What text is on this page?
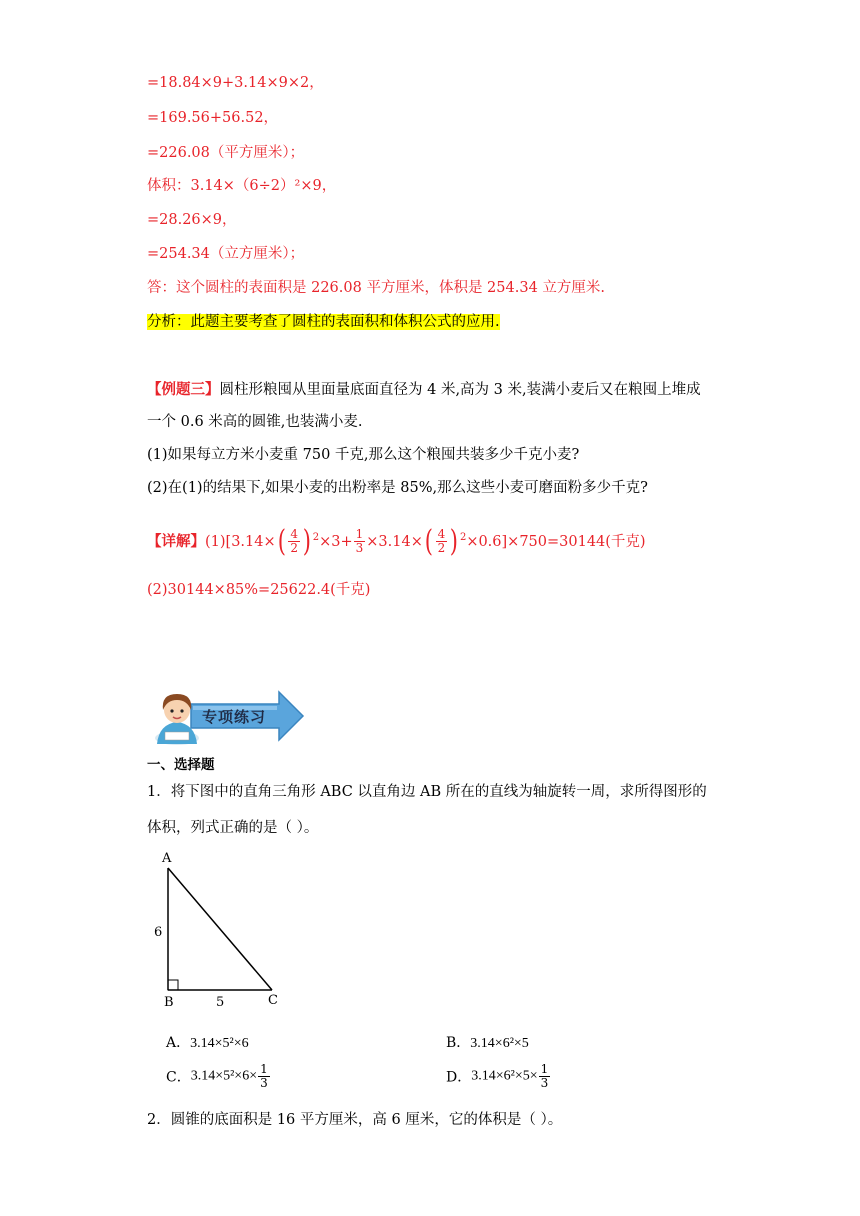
=18.84×9+3.14×9×2，
=169.56+56.52，
=226.08（平方厘米）；
体积：3.14×（6÷2）²×9，
=28.26×9，
=254.34（立方厘米）；
答：这个圆柱的表面积是 226.08 平方厘米，体积是 254.34 立方厘米.
分析：此题主要考查了圆柱的表面积和体积公式的应用.
【例题三】圆柱形粮囤从里面量底面直径为 4 米,高为 3 米,装满小麦后又在粮囤上堆成
一个 0.6 米高的圆锥,也装满小麦.
(1)如果每立方米小麦重 750 千克,那么这个粮囤共装多少千克小麦?
(2)在(1)的结果下,如果小麦的出粉率是 85%,那么这些小麦可磨面粉多少千克?
【详解】$(1)[3.14\times( \frac{4}{2}$ ) $^2\times 3+ \frac{1}{3} \times 3.14\times( \frac{4}{2}$ ) $^2$×0.6]×750=30144(千克)
(2)30144×85%=25622.4(千克)
专项练习
一、选择题
1．将下图中的直角三角形 ABC 以直角边 AB 所在的直线为轴旋转一周，求所得图形的
体积，列式正确的是（ ）。
A
B	C
6
5
A．3.14×5²×6	B．3.14×6²×5
C．$3.14\times 5^2\times 6\times \frac{1}{3}$	D．$3.14\times 6^2\times 5\times \frac{1}{3}$
2．圆锥的底面积是 16 平方厘米，高 6 厘米，它的体积是（ ）。
